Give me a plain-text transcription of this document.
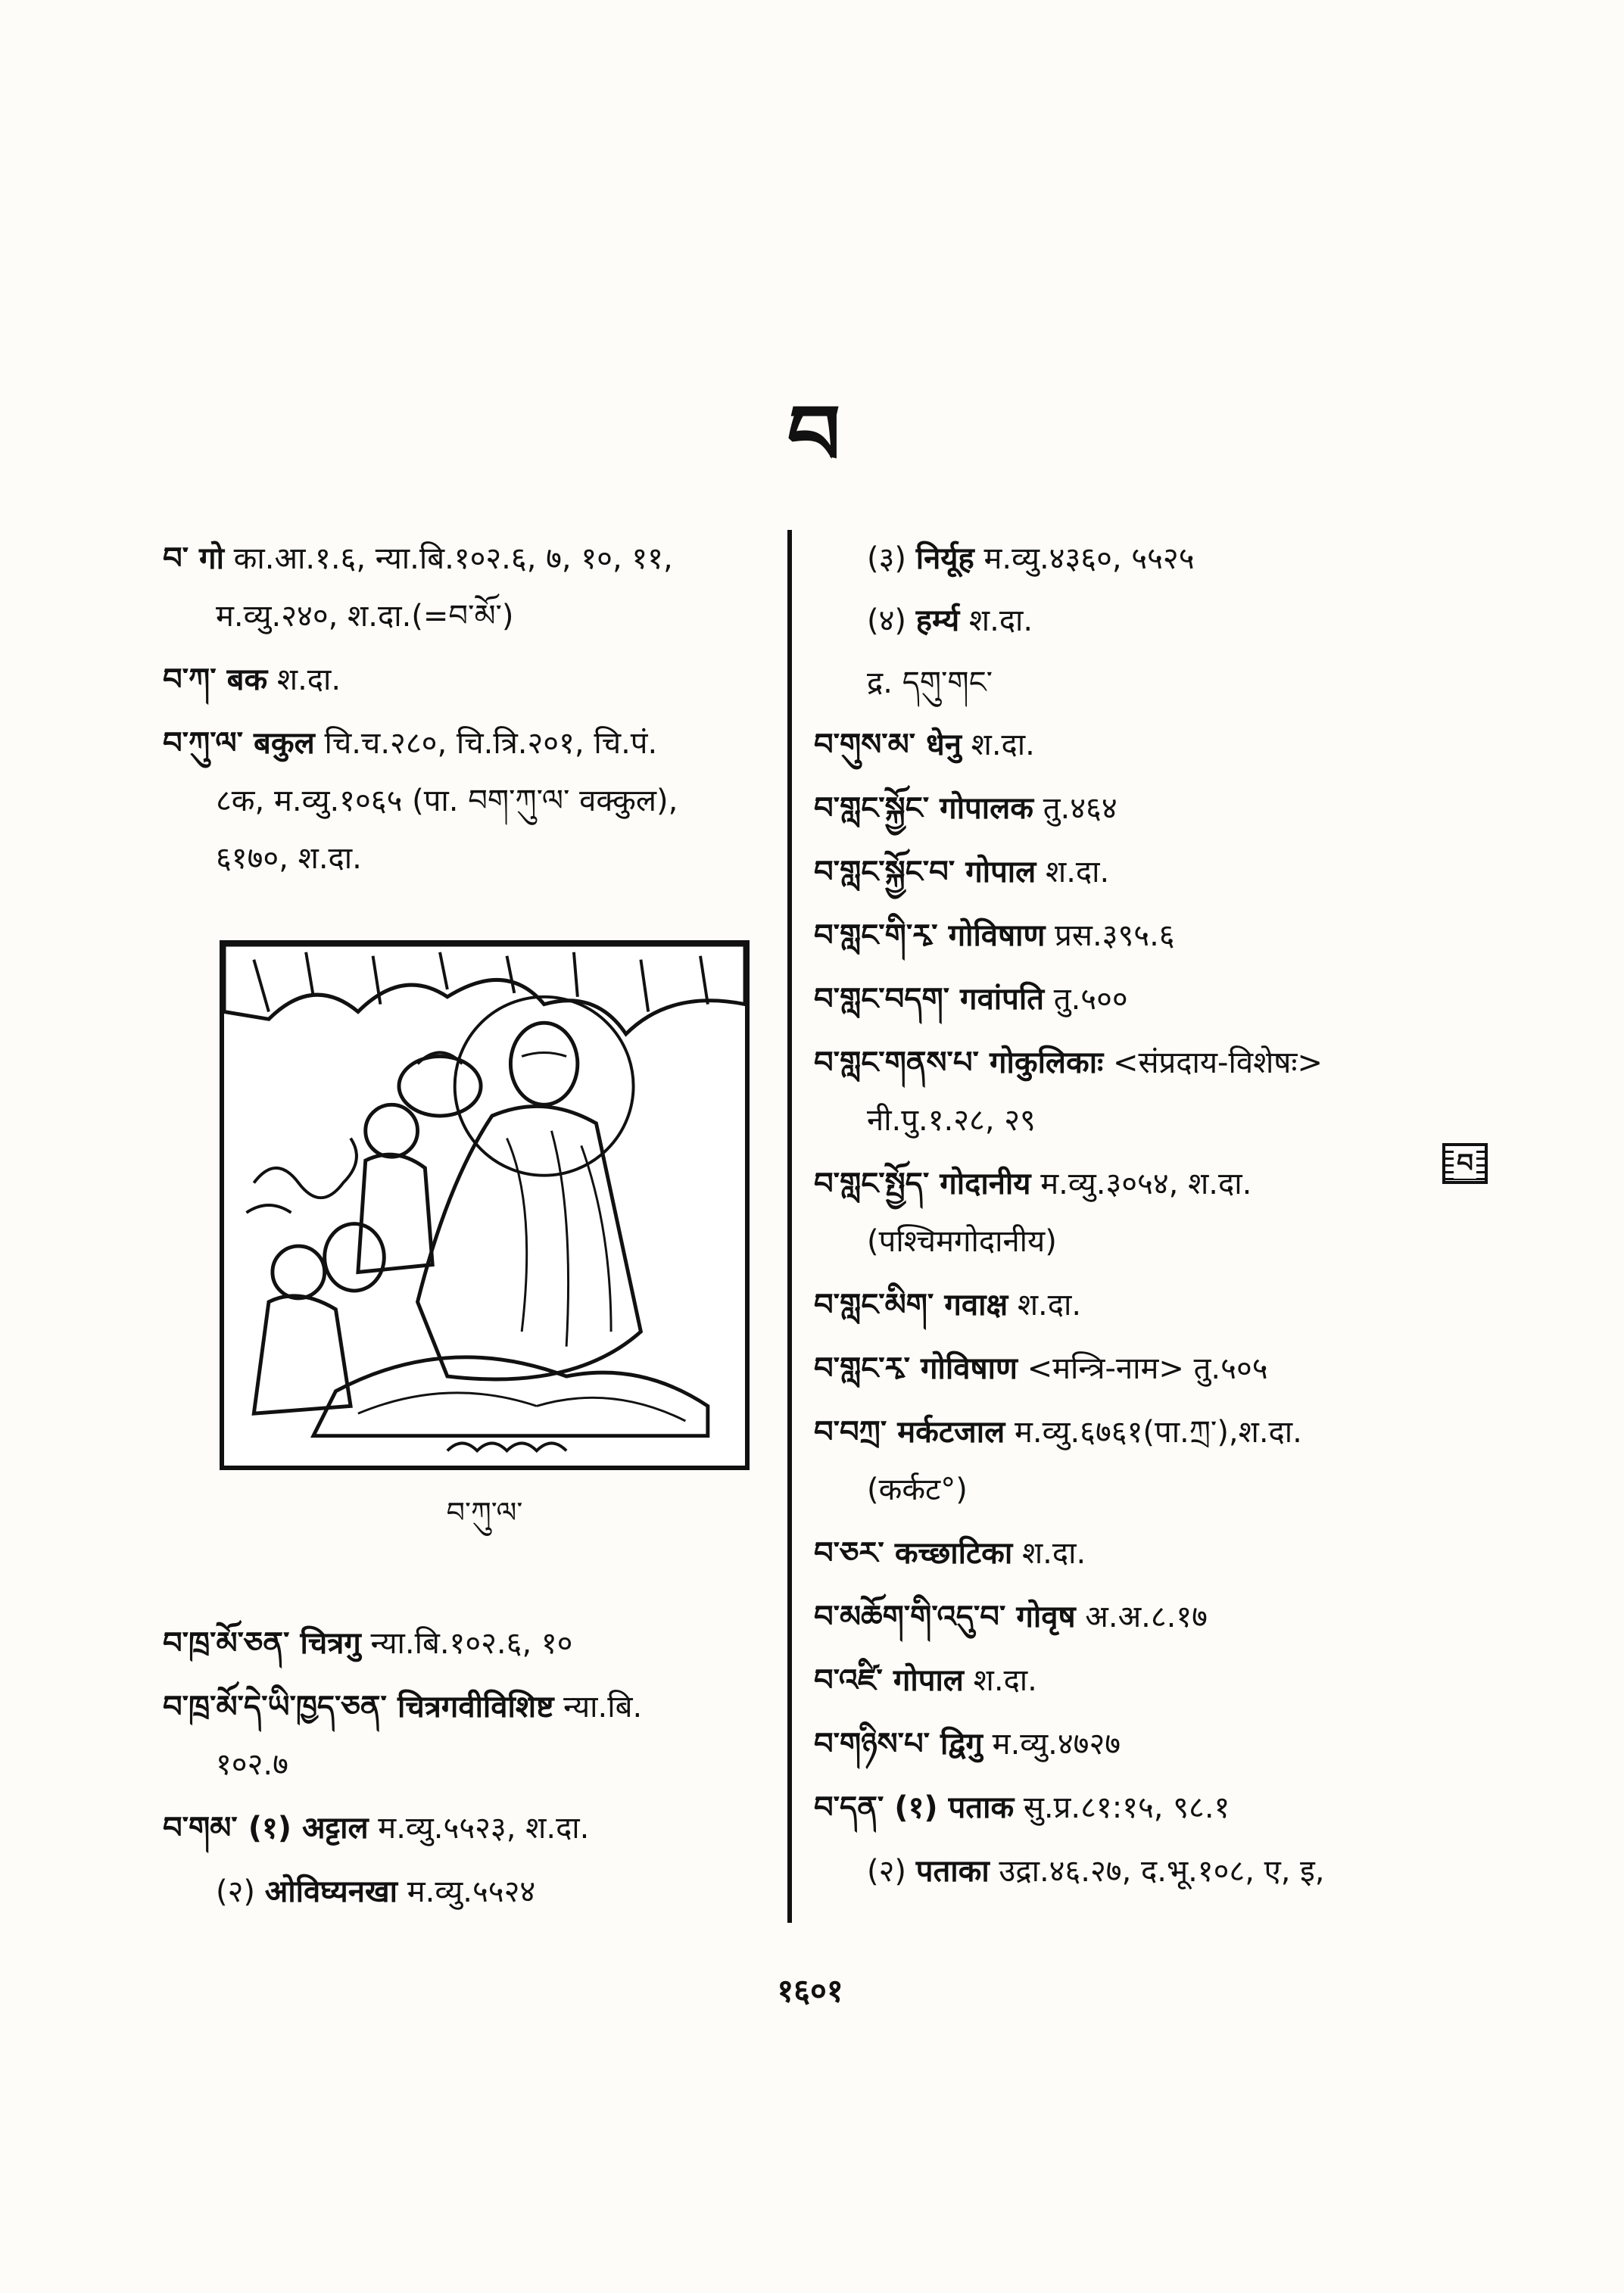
བ
བ་ गो का.आ.१.६, न्या.बि.१०२.६, ७, १०, ११,
म.व्यु.२४०, श.दा.(=བ་མོ་)
བ་ཀ་ बक श.दा.
བ་ཀུ་ལ་ बकुल चि.च.२८०, चि.त्रि.२०१, चि.पं.
८क, म.व्यु.१०६५ (पा. བག་ཀུ་ལ་ वक्कुल),
६१७०, श.दा.
བ་ཀུ་ལ་
བ་ཁྲ་མོ་ཅན་ चित्रगु न्या.बि.१०२.६, १०
བ་ཁྲ་མོ་དེ་ཡི་ཁྱད་ཅན་ चित्रगवीविशिष्ट न्या.बि.
१०२.७
བ་གམ་ (१) अट्टाल म.व्यु.५५२३, श.दा.
(२) ओविघ्यनखा म.व्यु.५५२४
(३) निर्यूह म.व्यु.४३६०, ५५२५
(४) हर्म्य श.दा.
द्र. དགུ་གང་
བ་གུས་མ་ धेनु श.दा.
བ་གླང་སྐྱོང་ गोपालक तु.४६४
བ་གླང་སྐྱོང་བ་ गोपाल श.दा.
བ་གླང་གི་རྭ་ गोविषाण प्रस.३९५.६
བ་གླང་བདག་ गवांपति तु.५००
བ་གླང་གནས་པ་ गोकुलिकाः <संप्रदाय-विशेषः>
नी.पु.१.२८, २९
བ་གླང་སྤྱོད་ गोदानीय म.व्यु.३०५४, श.दा.
(पश्चिमगोदानीय)
བ་གླང་མིག་ गवाक्ष श.दा.
བ་གླང་རྭ་ गोविषाण <मन्त्रि-नाम> तु.५०५
བ་བཀྲ་ मर्कटजाल म.व्यु.६७६१(पा.ཀྲ་),श.दा.
(कर्कट°)
བ་ཅར་ कच्छाटिका श.दा.
བ་མཆོག་གི་འདུ་བ་ गोवृष अ.अ.८.१७
བ་འཛི་ गोपाल श.दा.
བ་གཉིས་པ་ द्विगु म.व्यु.४७२७
བ་དན་ (१) पताक सु.प्र.८१:१५, ९८.१
(२) पताका उद्रा.४६.२७, द.भू.१०८, ए, इ,
བ
१६०१
